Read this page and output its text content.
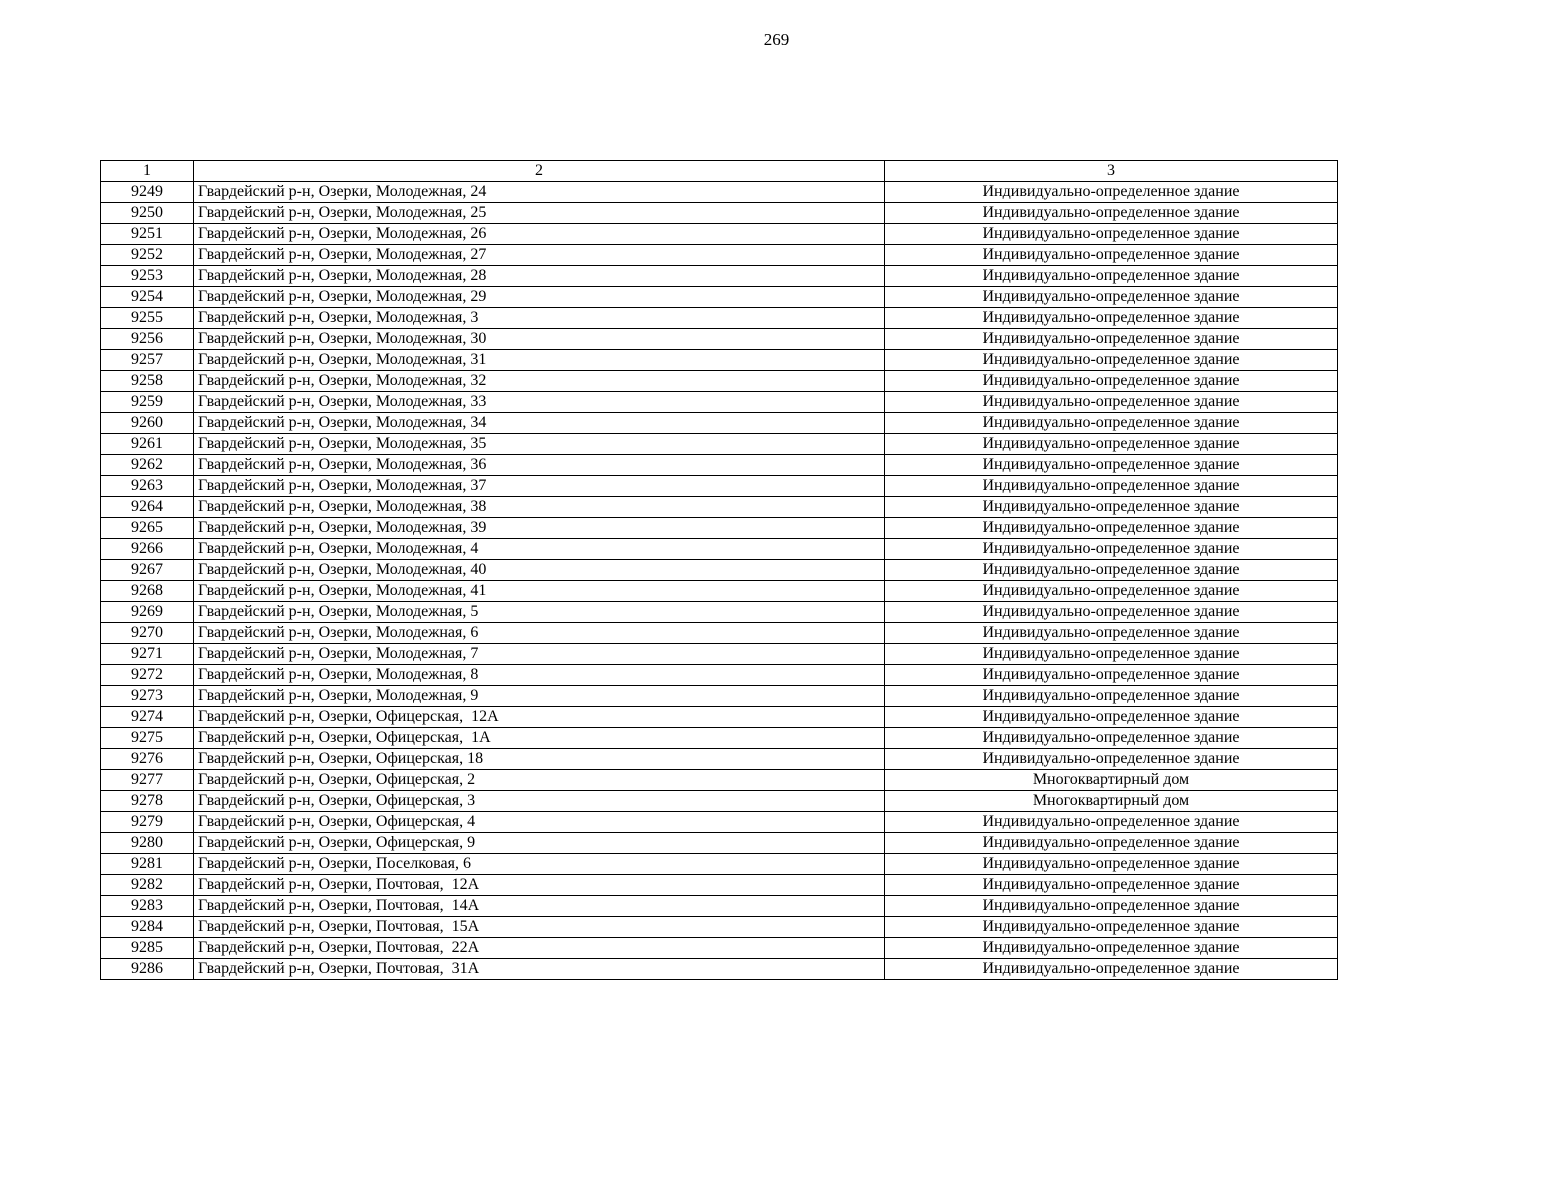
269
1	2	3
9249	Гвардейский р-н, Озерки, Молодежная, 24	Индивидуально-определенное здание
9250	Гвардейский р-н, Озерки, Молодежная, 25	Индивидуально-определенное здание
9251	Гвардейский р-н, Озерки, Молодежная, 26	Индивидуально-определенное здание
9252	Гвардейский р-н, Озерки, Молодежная, 27	Индивидуально-определенное здание
9253	Гвардейский р-н, Озерки, Молодежная, 28	Индивидуально-определенное здание
9254	Гвардейский р-н, Озерки, Молодежная, 29	Индивидуально-определенное здание
9255	Гвардейский р-н, Озерки, Молодежная, 3	Индивидуально-определенное здание
9256	Гвардейский р-н, Озерки, Молодежная, 30	Индивидуально-определенное здание
9257	Гвардейский р-н, Озерки, Молодежная, 31	Индивидуально-определенное здание
9258	Гвардейский р-н, Озерки, Молодежная, 32	Индивидуально-определенное здание
9259	Гвардейский р-н, Озерки, Молодежная, 33	Индивидуально-определенное здание
9260	Гвардейский р-н, Озерки, Молодежная, 34	Индивидуально-определенное здание
9261	Гвардейский р-н, Озерки, Молодежная, 35	Индивидуально-определенное здание
9262	Гвардейский р-н, Озерки, Молодежная, 36	Индивидуально-определенное здание
9263	Гвардейский р-н, Озерки, Молодежная, 37	Индивидуально-определенное здание
9264	Гвардейский р-н, Озерки, Молодежная, 38	Индивидуально-определенное здание
9265	Гвардейский р-н, Озерки, Молодежная, 39	Индивидуально-определенное здание
9266	Гвардейский р-н, Озерки, Молодежная, 4	Индивидуально-определенное здание
9267	Гвардейский р-н, Озерки, Молодежная, 40	Индивидуально-определенное здание
9268	Гвардейский р-н, Озерки, Молодежная, 41	Индивидуально-определенное здание
9269	Гвардейский р-н, Озерки, Молодежная, 5	Индивидуально-определенное здание
9270	Гвардейский р-н, Озерки, Молодежная, 6	Индивидуально-определенное здание
9271	Гвардейский р-н, Озерки, Молодежная, 7	Индивидуально-определенное здание
9272	Гвардейский р-н, Озерки, Молодежная, 8	Индивидуально-определенное здание
9273	Гвардейский р-н, Озерки, Молодежная, 9	Индивидуально-определенное здание
9274	Гвардейский р-н, Озерки, Офицерская,  12А	Индивидуально-определенное здание
9275	Гвардейский р-н, Озерки, Офицерская,  1А	Индивидуально-определенное здание
9276	Гвардейский р-н, Озерки, Офицерская, 18	Индивидуально-определенное здание
9277	Гвардейский р-н, Озерки, Офицерская, 2	Многоквартирный дом
9278	Гвардейский р-н, Озерки, Офицерская, 3	Многоквартирный дом
9279	Гвардейский р-н, Озерки, Офицерская, 4	Индивидуально-определенное здание
9280	Гвардейский р-н, Озерки, Офицерская, 9	Индивидуально-определенное здание
9281	Гвардейский р-н, Озерки, Поселковая, 6	Индивидуально-определенное здание
9282	Гвардейский р-н, Озерки, Почтовая,  12А	Индивидуально-определенное здание
9283	Гвардейский р-н, Озерки, Почтовая,  14А	Индивидуально-определенное здание
9284	Гвардейский р-н, Озерки, Почтовая,  15А	Индивидуально-определенное здание
9285	Гвардейский р-н, Озерки, Почтовая,  22А	Индивидуально-определенное здание
9286	Гвардейский р-н, Озерки, Почтовая,  31А	Индивидуально-определенное здание
